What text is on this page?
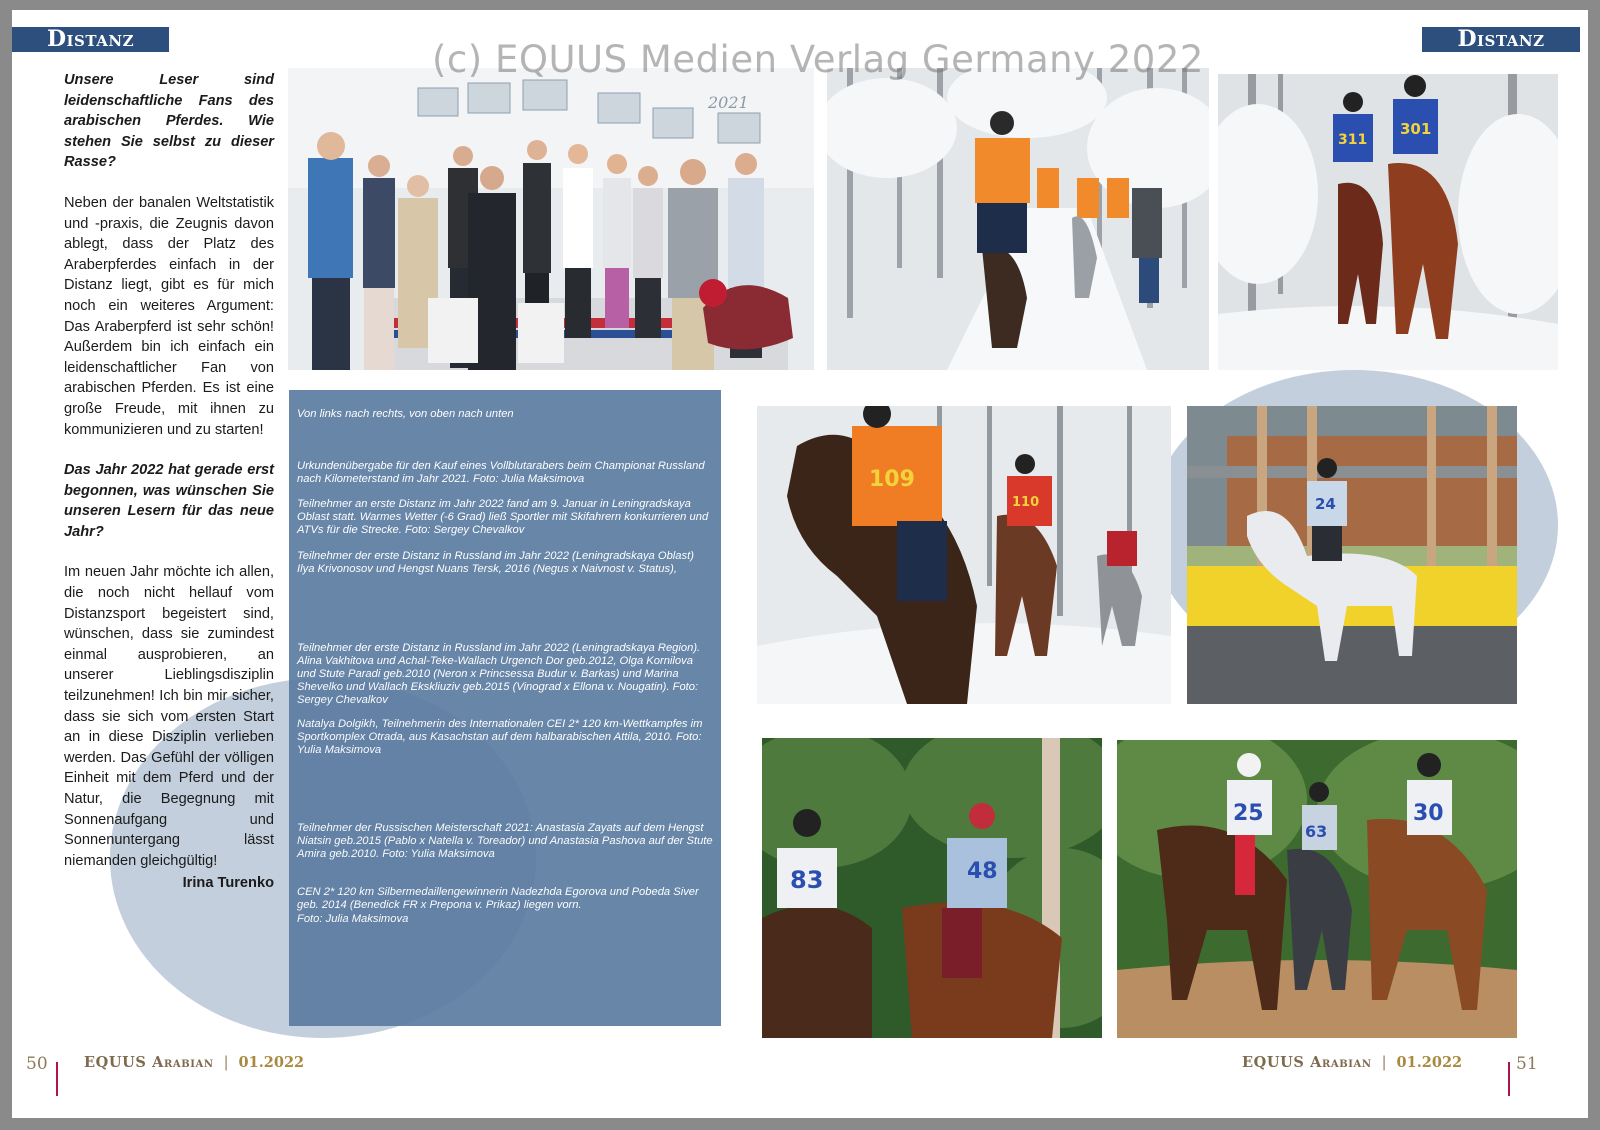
Distanz	Distanz
(c) EQUUS Medien Verlag Germany 2022

Unsere Leser sind leidenschaftliche Fans des arabischen Pferdes. Wie stehen Sie selbst zu dieser Rasse?

Neben der banalen Weltstatistik und -praxis, die Zeugnis davon ablegt, dass der Platz des Araberpferdes einfach in der Distanz liegt, gibt es für mich noch ein weiteres Argument: Das Araberpferd ist sehr schön! Außerdem bin ich einfach ein leidenschaftlicher Fan von arabischen Pferden. Es ist eine große Freude, mit ihnen zu kommunizieren und zu starten!

Das Jahr 2022 hat gerade erst begonnen, was wünschen Sie unseren Lesern für das neue Jahr?

Im neuen Jahr möchte ich allen, die noch nicht hellauf vom Distanzsport begeistert sind, wünschen, dass sie zumindest einmal ausprobieren, an unserer Lieblingsdisziplin teilzunehmen! Ich bin mir sicher, dass sie sich vom ersten Start an in diese Disziplin verlieben werden. Das Gefühl der völligen Einheit mit dem Pferd und der Natur, die Begegnung mit Sonnenaufgang und Sonnenuntergang lässt niemanden gleichgültig!

Irina Turenko

Von links nach rechts, von oben nach unten

Urkundenübergabe für den Kauf eines Vollblutarabers beim Championat Russland nach Kilometerstand im Jahr 2021. Foto: Julia Maksimova

Teilnehmer an erste Distanz im Jahr 2022 fand am 9. Januar in Leningradskaya Oblast statt. Warmes Wetter (-6 Grad) ließ Sportler mit Skifahrern konkurrieren und ATVs für die Strecke. Foto: Sergey Chevalkov

Teilnehmer der erste Distanz in Russland im Jahr 2022 (Leningradskaya Oblast) Ilya Krivonosov und Hengst Nuans Tersk, 2016 (Negus x Naivnost v. Status),

Teilnehmer der erste Distanz in Russland im Jahr 2022 (Leningradskaya Region). Alina Vakhitova und Achal-Teke-Wallach Urgench Dor geb.2012, Olga Kornilova und Stute Paradi geb.2010 (Neron x Princsessa Budur v. Barkas) und Marina Shevelko und Wallach Ekskliuziv geb.2015 (Vinograd x Ellona v. Nougatin). Foto: Sergey Chevalkov

Natalya Dolgikh, Teilnehmerin des Internationalen CEI 2* 120 km-Wettkampfes im Sportkomplex Otrada, aus Kasachstan auf dem halbarabischen Attila, 2010. Foto: Yulia Maksimova

Teilnehmer der Russischen Meisterschaft 2021: Anastasia Zayats auf dem Hengst Niatsin geb.2015 (Pablo x Natella v. Toreador) und Anastasia Pashova auf der Stute Amira geb.2010. Foto: Yulia Maksimova

CEN 2* 120 km Silbermedaillengewinnerin Nadezhda Egorova und Pobeda Siver geb. 2014 (Benedick FR x Prepona v. Prikaz) liegen vorn.

Foto: Julia Maksimova

2021
311
301
109
110	24
83	48
25
63
30
50	EQUUS Arabian | 01.2022	EQUUS Arabian | 01.2022	51
